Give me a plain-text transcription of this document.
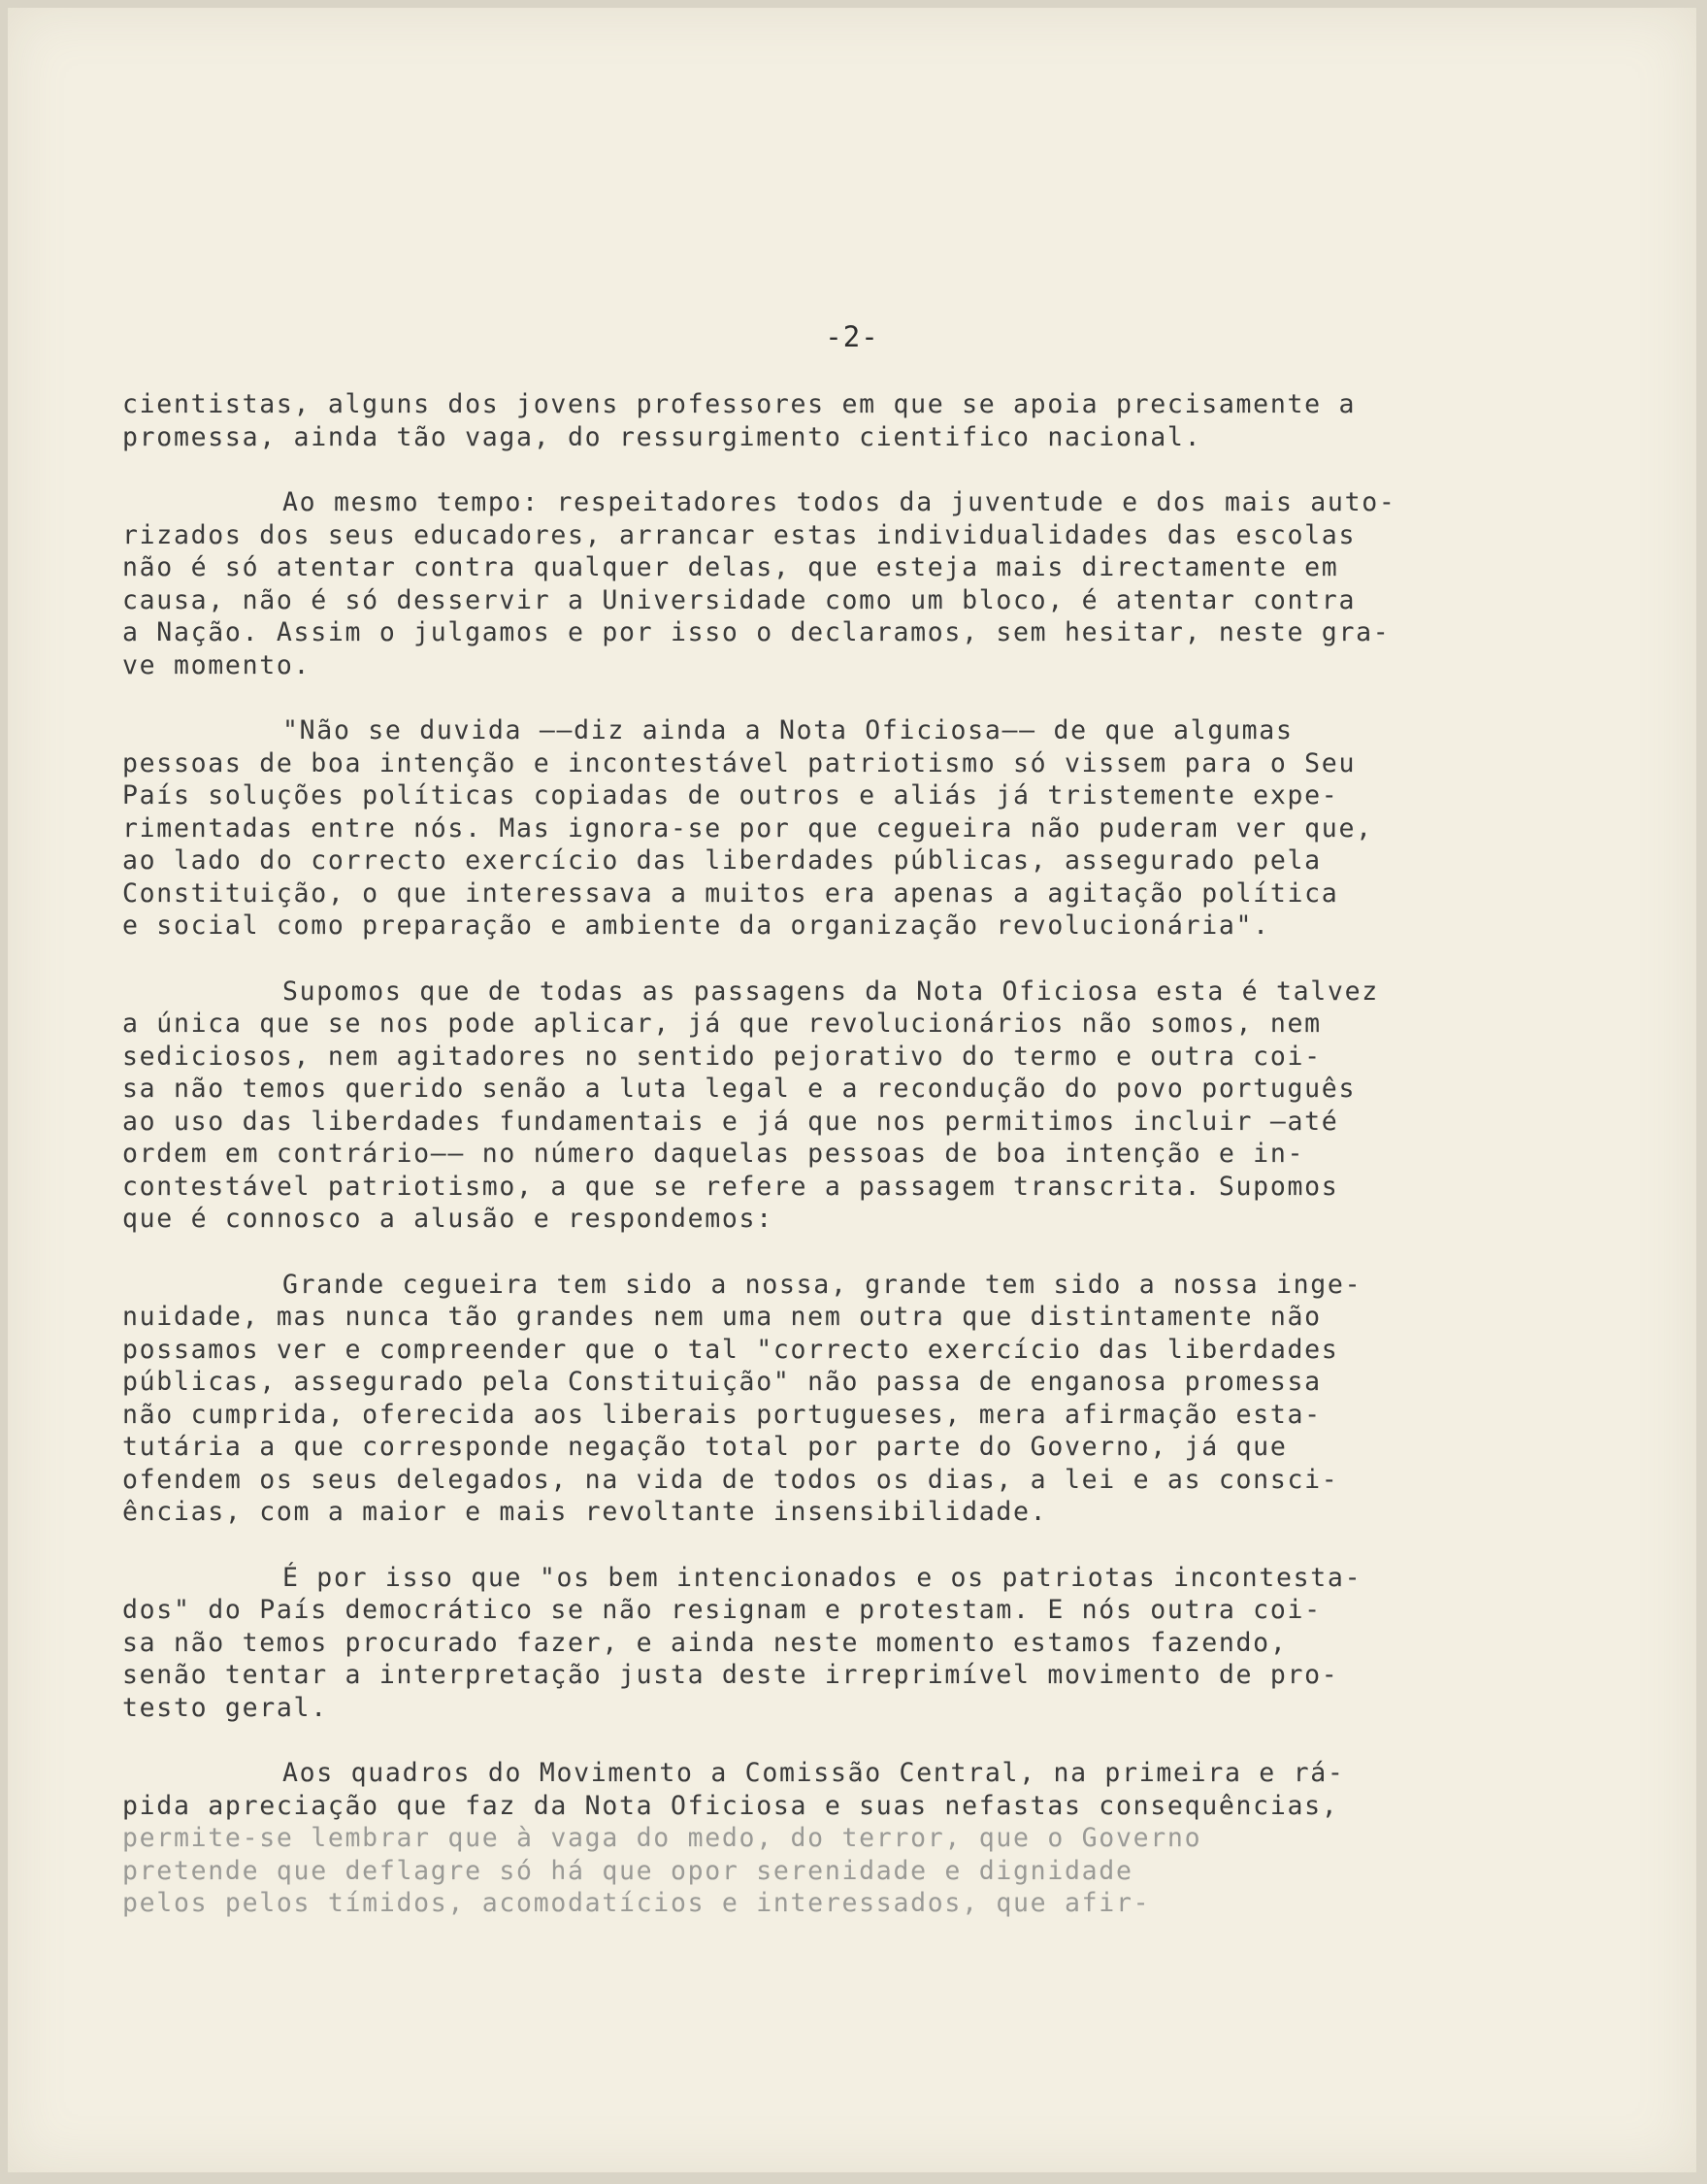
-2-
cientistas, alguns dos jovens professores em que se apoia precisamente a
promessa, ainda tão vaga, do ressurgimento cientifico nacional.
Ao mesmo tempo: respeitadores todos da juventude e dos mais auto-
rizados dos seus educadores, arrancar estas individualidades das escolas
não é só atentar contra qualquer delas, que esteja mais directamente em
causa, não é só desservir a Universidade como um bloco, é atentar contra
a Nação. Assim o julgamos e por isso o declaramos, sem hesitar, neste gra-
ve momento.
"Não se duvida ——diz ainda a Nota Oficiosa—— de que algumas
pessoas de boa intenção e incontestável patriotismo só vissem para o Seu
País soluções políticas copiadas de outros e aliás já tristemente expe-
rimentadas entre nós. Mas ignora-se por que cegueira não puderam ver que,
ao lado do correcto exercício das liberdades públicas, assegurado pela
Constituição, o que interessava a muitos era apenas a agitação política
e social como preparação e ambiente da organização revolucionária".
Supomos que de todas as passagens da Nota Oficiosa esta é talvez
a única que se nos pode aplicar, já que revolucionários não somos, nem
sediciosos, nem agitadores no sentido pejorativo do termo e outra coi-
sa não temos querido senão a luta legal e a recondução do povo português
ao uso das liberdades fundamentais e já que nos permitimos incluir —até
ordem em contrário—— no número daquelas pessoas de boa intenção e in-
contestável patriotismo, a que se refere a passagem transcrita. Supomos
que é connosco a alusão e respondemos:
Grande cegueira tem sido a nossa, grande tem sido a nossa inge-
nuidade, mas nunca tão grandes nem uma nem outra que distintamente não
possamos ver e compreender que o tal "correcto exercício das liberdades
públicas, assegurado pela Constituição" não passa de enganosa promessa
não cumprida, oferecida aos liberais portugueses, mera afirmação esta-
tutária a que corresponde negação total por parte do Governo, já que
ofendem os seus delegados, na vida de todos os dias, a lei e as consci-
ências, com a maior e mais revoltante insensibilidade.
É por isso que "os bem intencionados e os patriotas incontesta-
dos" do País democrático se não resignam e protestam. E nós outra coi-
sa não temos procurado fazer, e ainda neste momento estamos fazendo,
senão tentar a interpretação justa deste irreprimível movimento de pro-
testo geral.
Aos quadros do Movimento a Comissão Central, na primeira e rá-
pida apreciação que faz da Nota Oficiosa e suas nefastas consequências,
permite-se lembrar que à vaga do medo, do terror, que o Governo
pretende que deflagre só há que opor serenidade e dignidade
pelos pelos tímidos, acomodatícios e interessados, que afir-
